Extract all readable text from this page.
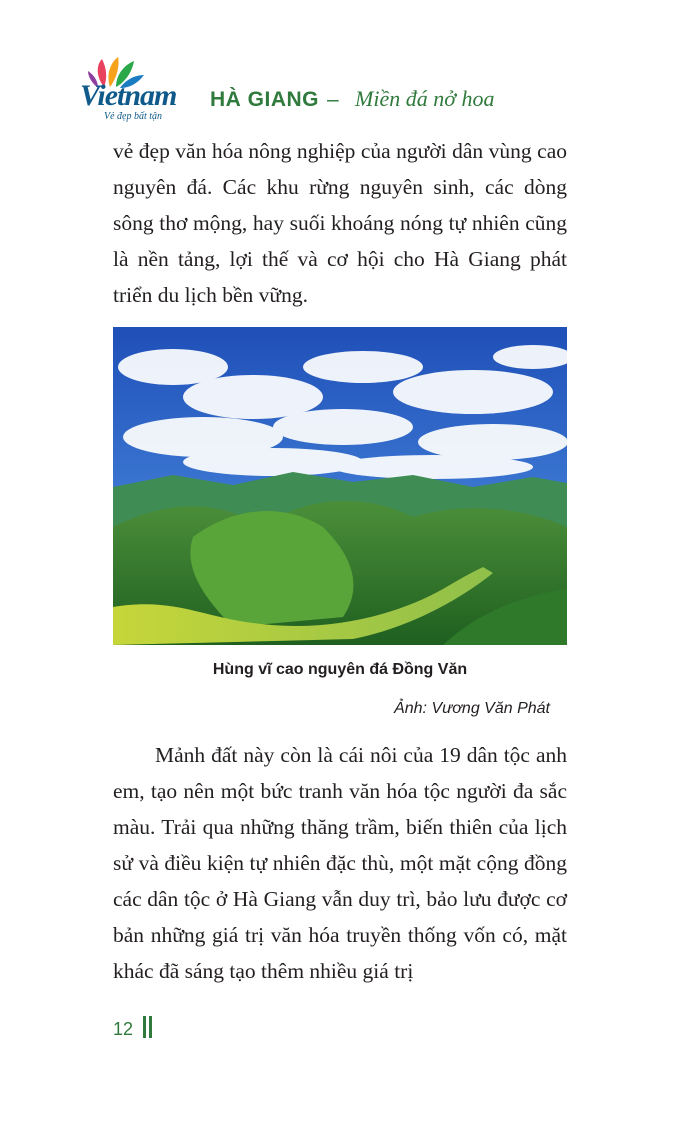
Vietnam

Vẻ đẹp bất tận

HÀ GIANG – Miền đá nở hoa

vẻ đẹp văn hóa nông nghiệp của người dân vùng cao nguyên đá. Các khu rừng nguyên sinh, các dòng sông thơ mộng, hay suối khoáng nóng tự nhiên cũng là nền tảng, lợi thế và cơ hội cho Hà Giang phát triển du lịch bền vững.

Hùng vĩ cao nguyên đá Đồng Văn

Ảnh: Vương Văn Phát

Mảnh đất này còn là cái nôi của 19 dân tộc anh em, tạo nên một bức tranh văn hóa tộc người đa sắc màu. Trải qua những thăng trầm, biến thiên của lịch sử và điều kiện tự nhiên đặc thù, một mặt cộng đồng các dân tộc ở Hà Giang vẫn duy trì, bảo lưu được cơ bản những giá trị văn hóa truyền thống vốn có, mặt khác đã sáng tạo thêm nhiều giá trị

12
